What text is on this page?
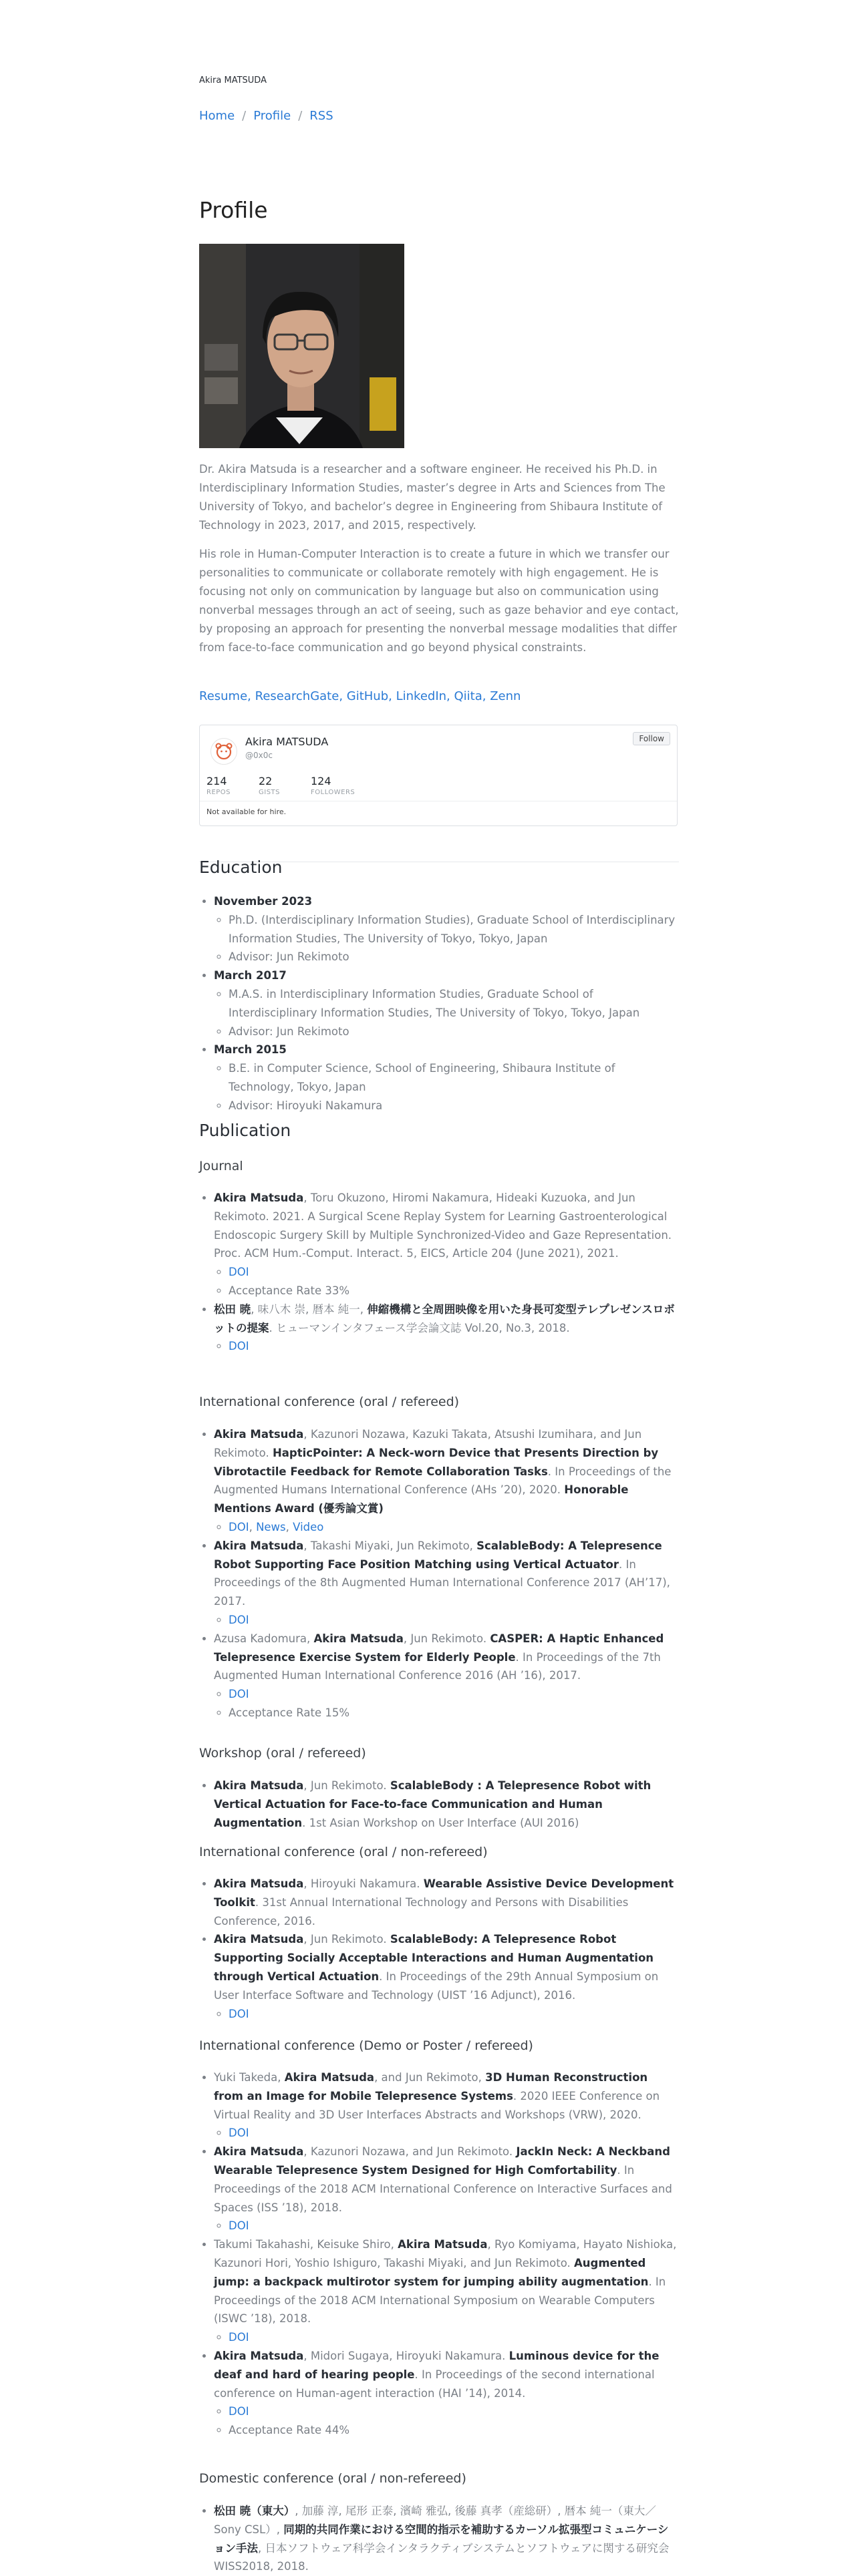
Akira MATSUDA
Home / Profile / RSS
Profile

Dr. Akira Matsuda is a researcher and a software engineer. He received his Ph.D. in Interdisciplinary Information Studies, master’s degree in Arts and Sciences from The University of Tokyo, and bachelor’s degree in Engineering from Shibaura Institute of Technology in 2023, 2017, and 2015, respectively.

His role in Human-Computer Interaction is to create a future in which we transfer our personalities to communicate or collaborate remotely with high engagement. He is focusing not only on communication by language but also on communication using nonverbal messages through an act of seeing, such as gaze behavior and eye contact, by proposing an approach for presenting the nonverbal message modalities that differ from face-to-face communication and go beyond physical constraints.

Resume, ResearchGate, GitHub, LinkedIn, Qiita, Zenn
Akira MATSUDA
@0x0c
Follow
214
REPOS
22
GISTS
124
FOLLOWERS
Not available for hire.
Education
• November 2023
◦ Ph.D. (Interdisciplinary Information Studies), Graduate School of Interdisciplinary Information Studies, The University of Tokyo, Tokyo, Japan
◦ Advisor: Jun Rekimoto
• March 2017
◦ M.A.S. in Interdisciplinary Information Studies, Graduate School of Interdisciplinary Information Studies, The University of Tokyo, Tokyo, Japan
◦ Advisor: Jun Rekimoto
• March 2015
◦ B.E. in Computer Science, School of Engineering, Shibaura Institute of Technology, Tokyo, Japan
◦ Advisor: Hiroyuki Nakamura
Publication
Journal
• Akira Matsuda, Toru Okuzono, Hiromi Nakamura, Hideaki Kuzuoka, and Jun Rekimoto. 2021. A Surgical Scene Replay System for Learning Gastroenterological Endoscopic Surgery Skill by Multiple Synchronized-Video and Gaze Representation. Proc. ACM Hum.-Comput. Interact. 5, EICS, Article 204 (June 2021), 2021.
◦ DOI
◦ Acceptance Rate 33%
• 松田 暁, 味八木 崇, 暦本 純一, 伸縮機構と全周囲映像を用いた身長可変型テレプレゼンスロボットの提案. ヒューマンインタフェース学会論文誌 Vol.20, No.3, 2018.
◦ DOI
International conference (oral / refereed)
• Akira Matsuda, Kazunori Nozawa, Kazuki Takata, Atsushi Izumihara, and Jun Rekimoto. HapticPointer: A Neck-worn Device that Presents Direction by Vibrotactile Feedback for Remote Collaboration Tasks. In Proceedings of the Augmented Humans International Conference (AHs ’20), 2020. Honorable Mentions Award (優秀論文賞)
◦ DOI, News, Video
• Akira Matsuda, Takashi Miyaki, Jun Rekimoto, ScalableBody: A Telepresence Robot Supporting Face Position Matching using Vertical Actuator. In Proceedings of the 8th Augmented Human International Conference 2017 (AH’17), 2017.
◦ DOI
• Azusa Kadomura, Akira Matsuda, Jun Rekimoto. CASPER: A Haptic Enhanced Telepresence Exercise System for Elderly People. In Proceedings of the 7th Augmented Human International Conference 2016 (AH ’16), 2017.
◦ DOI
◦ Acceptance Rate 15%
Workshop (oral / refereed)
• Akira Matsuda, Jun Rekimoto. ScalableBody : A Telepresence Robot with Vertical Actuation for Face-to-face Communication and Human Augmentation. 1st Asian Workshop on User Interface (AUI 2016)
International conference (oral / non-refereed)
• Akira Matsuda, Hiroyuki Nakamura. Wearable Assistive Device Development Toolkit. 31st Annual International Technology and Persons with Disabilities Conference, 2016.
• Akira Matsuda, Jun Rekimoto. ScalableBody: A Telepresence Robot Supporting Socially Acceptable Interactions and Human Augmentation through Vertical Actuation. In Proceedings of the 29th Annual Symposium on User Interface Software and Technology (UIST ’16 Adjunct), 2016.
◦ DOI
International conference (Demo or Poster / refereed)
• Yuki Takeda, Akira Matsuda, and Jun Rekimoto, 3D Human Reconstruction from an Image for Mobile Telepresence Systems. 2020 IEEE Conference on Virtual Reality and 3D User Interfaces Abstracts and Workshops (VRW), 2020.
◦ DOI
• Akira Matsuda, Kazunori Nozawa, and Jun Rekimoto. JackIn Neck: A Neckband Wearable Telepresence System Designed for High Comfortability. In Proceedings of the 2018 ACM International Conference on Interactive Surfaces and Spaces (ISS ’18), 2018.
◦ DOI
• Takumi Takahashi, Keisuke Shiro, Akira Matsuda, Ryo Komiyama, Hayato Nishioka, Kazunori Hori, Yoshio Ishiguro, Takashi Miyaki, and Jun Rekimoto. Augmented jump: a backpack multirotor system for jumping ability augmentation. In Proceedings of the 2018 ACM International Symposium on Wearable Computers (ISWC ’18), 2018.
◦ DOI
• Akira Matsuda, Midori Sugaya, Hiroyuki Nakamura. Luminous device for the deaf and hard of hearing people. In Proceedings of the second international conference on Human-agent interaction (HAI ’14), 2014.
◦ DOI
◦ Acceptance Rate 44%
Domestic conference (oral / non-refereed)
• 松田 暁（東大）, 加藤 淳, 尾形 正泰, 濱崎 雅弘, 後藤 真孝（産総研）, 暦本 純一（東大／Sony CSL）, 同期的共同作業における空間的指示を補助するカーソル拡張型コミュニケーション手法, 日本ソフトウェア科学会インタラクティブシステムとソフトウェアに関する研究会 WISS2018, 2018.
